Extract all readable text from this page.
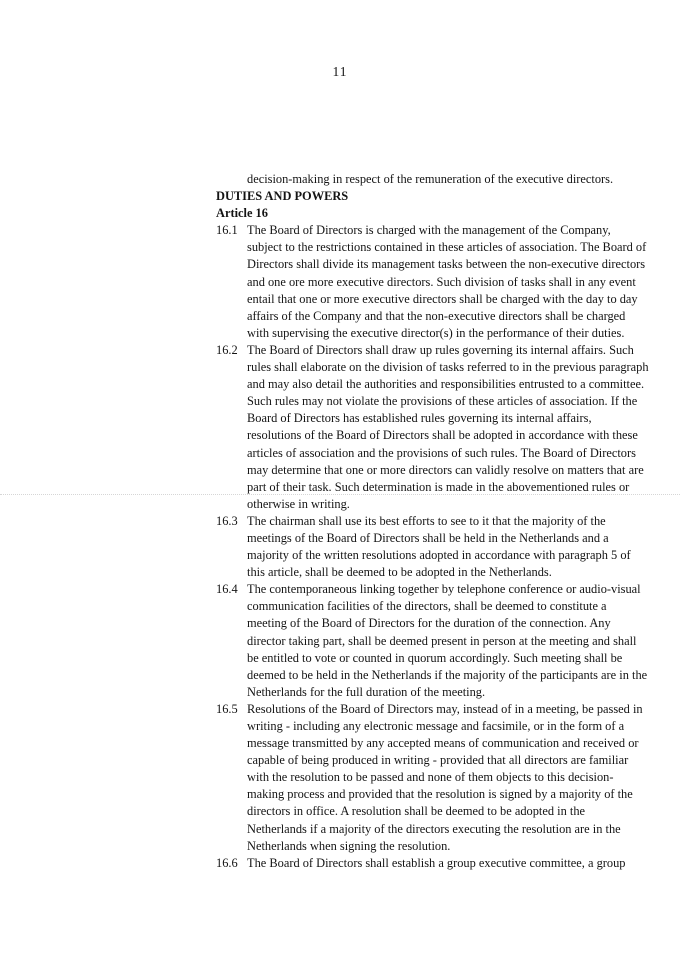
11
decision-making in respect of the remuneration of the executive directors.
DUTIES AND POWERS
Article 16
16.1 The Board of Directors is charged with the management of the Company,
subject to the restrictions contained in these articles of association. The Board of
Directors shall divide its management tasks between the non-executive directors
and one ore more executive directors. Such division of tasks shall in any event
entail that one or more executive directors shall be charged with the day to day
affairs of the Company and that the non-executive directors shall be charged
with supervising the executive director(s) in the performance of their duties.
16.2 The Board of Directors shall draw up rules governing its internal affairs. Such
rules shall elaborate on the division of tasks referred to in the previous paragraph
and may also detail the authorities and responsibilities entrusted to a committee.
Such rules may not violate the provisions of these articles of association. If the
Board of Directors has established rules governing its internal affairs,
resolutions of the Board of Directors shall be adopted in accordance with these
articles of association and the provisions of such rules. The Board of Directors
may determine that one or more directors can validly resolve on matters that are
part of their task. Such determination is made in the abovementioned rules or
otherwise in writing.
16.3 The chairman shall use its best efforts to see to it that the majority of the
meetings of the Board of Directors shall be held in the Netherlands and a
majority of the written resolutions adopted in accordance with paragraph 5 of
this article, shall be deemed to be adopted in the Netherlands.
16.4 The contemporaneous linking together by telephone conference or audio-visual
communication facilities of the directors, shall be deemed to constitute a
meeting of the Board of Directors for the duration of the connection. Any
director taking part, shall be deemed present in person at the meeting and shall
be entitled to vote or counted in quorum accordingly. Such meeting shall be
deemed to be held in the Netherlands if the majority of the participants are in the
Netherlands for the full duration of the meeting.
16.5 Resolutions of the Board of Directors may, instead of in a meeting, be passed in
writing - including any electronic message and facsimile, or in the form of a
message transmitted by any accepted means of communication and received or
capable of being produced in writing - provided that all directors are familiar
with the resolution to be passed and none of them objects to this decision-
making process and provided that the resolution is signed by a majority of the
directors in office. A resolution shall be deemed to be adopted in the
Netherlands if a majority of the directors executing the resolution are in the
Netherlands when signing the resolution.
16.6 The Board of Directors shall establish a group executive committee, a group
